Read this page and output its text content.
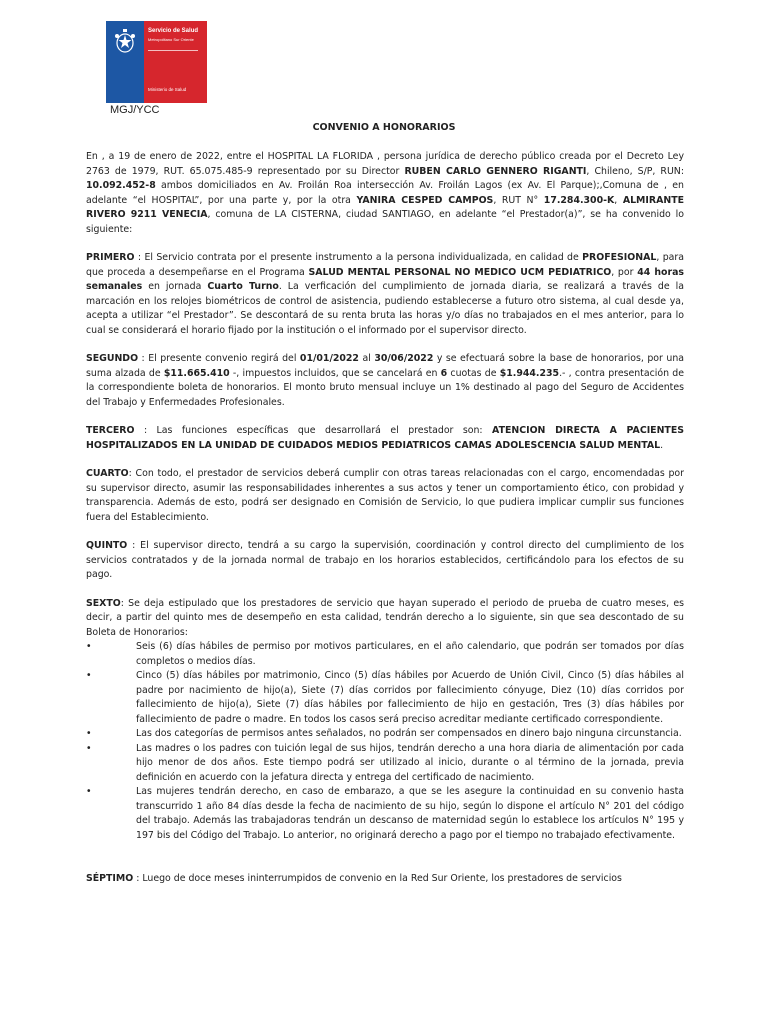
Servicio de Salud
Metropolitano Sur Oriente
Ministerio de Salud
MGJ/YCC
CONVENIO A HONORARIOS

En , a 19 de enero de 2022, entre el HOSPITAL LA FLORIDA , persona jurídica de derecho público creada por el Decreto Ley 2763 de 1979, RUT. 65.075.485-9 representado por su Director RUBEN CARLO GENNERO RIGANTI, Chileno, S/P, RUN: 10.092.452-8 ambos domiciliados en Av. Froilán Roa intersección Av. Froilán Lagos (ex Av. El Parque);,Comuna de , en adelante “el HOSPITAL”, por una parte y, por la otra YANIRA CESPED CAMPOS, RUT N° 17.284.300-K, ALMIRANTE RIVERO 9211 VENECIA, comuna de LA CISTERNA, ciudad SANTIAGO, en adelante “el Prestador(a)”, se ha convenido lo siguiente:

PRIMERO : El Servicio contrata por el presente instrumento a la persona individualizada, en calidad de PROFESIONAL, para que proceda a desempeñarse en el Programa SALUD MENTAL PERSONAL NO MEDICO UCM PEDIATRICO, por 44 horas semanales en jornada Cuarto Turno. La verficación del cumplimiento de jornada diaria, se realizará a través de la marcación en los relojes biométricos de control de asistencia, pudiendo establecerse a futuro otro sistema, al cual desde ya, acepta a utilizar “el Prestador”. Se descontará de su renta bruta las horas y/o días no trabajados en el mes anterior, para lo cual se considerará el horario fijado por la institución o el informado por el supervisor directo.

SEGUNDO : El presente convenio regirá del 01/01/2022 al 30/06/2022 y se efectuará sobre la base de honorarios, por una suma alzada de $11.665.410 -, impuestos incluidos, que se cancelará en 6 cuotas de $1.944.235.- , contra presentación de la correspondiente boleta de honorarios. El monto bruto mensual incluye un 1% destinado al pago del Seguro de Accidentes del Trabajo y Enfermedades Profesionales.

TERCERO : Las funciones específicas que desarrollará el prestador son: ATENCION DIRECTA A PACIENTES HOSPITALIZADOS EN LA UNIDAD DE CUIDADOS MEDIOS PEDIATRICOS CAMAS ADOLESCENCIA SALUD MENTAL.

CUARTO: Con todo, el prestador de servicios deberá cumplir con otras tareas relacionadas con el cargo, encomendadas por su supervisor directo, asumir las responsabilidades inherentes a sus actos y tener un comportamiento ético, con probidad y transparencia. Además de esto, podrá ser designado en Comisión de Servicio, lo que pudiera implicar cumplir sus funciones fuera del Establecimiento.

QUINTO : El supervisor directo, tendrá a su cargo la supervisión, coordinación y control directo del cumplimiento de los servicios contratados y de la jornada normal de trabajo en los horarios establecidos, certificándolo para los efectos de su pago.

SEXTO: Se deja estipulado que los prestadores de servicio que hayan superado el periodo de prueba de cuatro meses, es decir, a partir del quinto mes de desempeño en esta calidad, tendrán derecho a lo siguiente, sin que sea descontado de su Boleta de Honorarios:

•	Seis (6) días hábiles de permiso por motivos particulares, en el año calendario, que podrán ser tomados por días completos o medios días.
•	Cinco (5) días hábiles por matrimonio, Cinco (5) días hábiles por Acuerdo de Unión Civil, Cinco (5) días hábiles al padre por nacimiento de hijo(a), Siete (7) días corridos por fallecimiento cónyuge, Diez (10) días corridos por fallecimiento de hijo(a), Siete (7) días hábiles por fallecimiento de hijo en gestación, Tres (3) días hábiles por fallecimiento de padre o madre. En todos los casos será preciso acreditar mediante certificado correspondiente.
•	Las dos categorías de permisos antes señalados, no podrán ser compensados en dinero bajo ninguna circunstancia.
•	Las madres o los padres con tuición legal de sus hijos, tendrán derecho a una hora diaria de alimentación por cada hijo menor de dos años. Este tiempo podrá ser utilizado al inicio, durante o al término de la jornada, previa definición en acuerdo con la jefatura directa y entrega del certificado de nacimiento.
•	Las mujeres tendrán derecho, en caso de embarazo, a que se les asegure la continuidad en su convenio hasta transcurrido 1 año 84 días desde la fecha de nacimiento de su hijo, según lo dispone el artículo N° 201 del código del trabajo. Además las trabajadoras tendrán un descanso de maternidad según lo establece los artículos N° 195 y 197 bis del Código del Trabajo. Lo anterior, no originará derecho a pago por el tiempo no trabajado efectivamente.

SÉPTIMO : Luego de doce meses ininterrumpidos de convenio en la Red Sur Oriente, los prestadores de servicios
